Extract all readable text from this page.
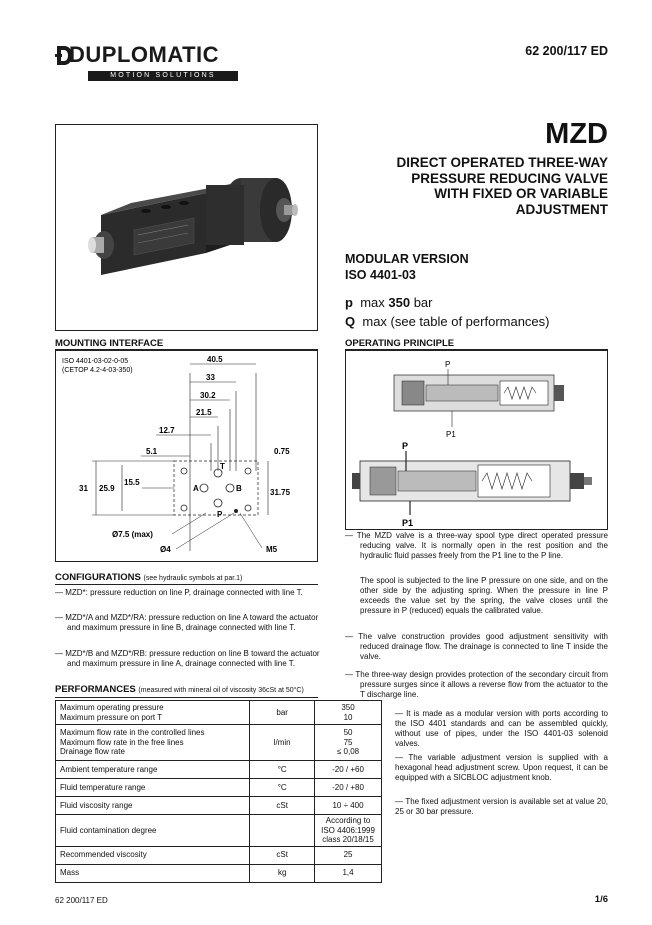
DUPLOMATIC
MOTION SOLUTIONS
62 200/117 ED
MZD
DIRECT OPERATED THREE-WAY
PRESSURE REDUCING VALVE
WITH FIXED OR VARIABLE
ADJUSTMENT
MODULAR VERSION
ISO 4401-03
p max 350 bar
Q max (see table of performances)
MOUNTING INTERFACE
ISO 4401-03-02-0-05
(CETOP 4.2-4-03-350)
40.5
33
30.2
21.5
12.7
5.1	0.75
31 25.9
15.5
31.75
T
A	B
P
Ø7.5 (max)
Ø4	M5
OPERATING PRINCIPLE
P
P1
P
P1
— The MZD valve is a three-way spool type direct operated pressure reducing valve. It is normally open in the rest position and the hydraulic fluid passes freely from the P1 line to the P line.
The spool is subjected to the line P pressure on one side, and on the other side by the adjusting spring. When the pressure in line P exceeds the value set by the spring, the valve closes until the pressure in P (reduced) equals the calibrated value.
— The valve construction provides good adjustment sensitivity with reduced drainage flow. The drainage is connected to line T inside the valve.
— The three-way design provides protection of the secondary circuit from pressure surges since it allows a reverse flow from the actuator to the T discharge line.
— It is made as a modular version with ports according to the ISO 4401 standards and can be assembled quickly, without use of pipes, under the ISO 4401-03 solenoid valves.
— The variable adjustment version is supplied with a hexagonal head adjustment screw. Upon request, it can be equipped with a SICBLOC adjustment knob.
— The fixed adjustment version is available set at value 20, 25 or 30 bar pressure.
CONFIGURATIONS (see hydraulic symbols at par.1)
— MZD*: pressure reduction on line P, drainage connected with line T.
— MZD*/A and MZD*/RA: pressure reduction on line A toward the actuator and maximum pressure in line B, drainage connected with line T.
— MZD*/B and MZD*/RB: pressure reduction on line B toward the actuator and maximum pressure in line A, drainage connected with line T.
PERFORMANCES (measured with mineral oil of viscosity 36cSt at 50°C)
Maximum operating pressure
Maximum pressure on port T	bar	350
10
Maximum flow rate in the controlled lines
Maximum flow rate in the free lines
Drainage flow rate	l/min	50
75
≤ 0,08
Ambient temperature range	°C	-20 / +60
Fluid temperature range	°C	-20 / +80
Fluid viscosity range	cSt	10 ÷ 400
Fluid contamination degree		According to ISO 4406:1999
class 20/18/15
Recommended viscosity	cSt	25
Mass	kg	1,4
62 200/117 ED	1/6
